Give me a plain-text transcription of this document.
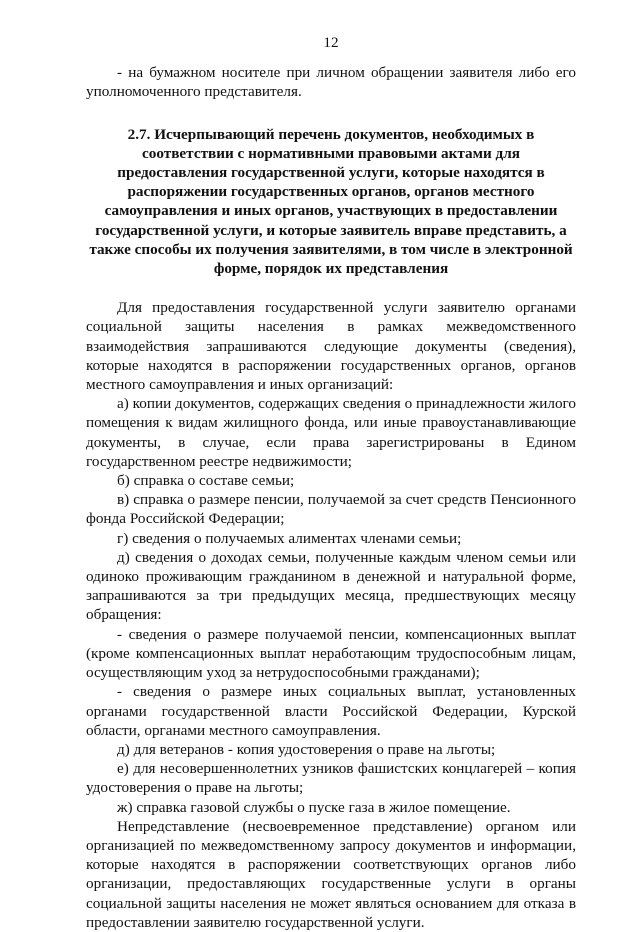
12

- на бумажном носителе при личном обращении заявителя либо его уполномоченного представителя.

2.7. Исчерпывающий перечень документов, необходимых в
соответствии с нормативными правовыми актами для
предоставления государственной услуги, которые находятся в
распоряжении государственных органов, органов местного
самоуправления и иных органов, участвующих в предоставлении
государственной услуги, и которые заявитель вправе представить, а
также способы их получения заявителями, в том числе в электронной
форме, порядок их представления

Для предоставления государственной услуги заявителю органами социальной защиты населения в рамках межведомственного взаимодействия запрашиваются следующие документы (сведения), которые находятся в распоряжении государственных органов, органов местного самоуправления и иных организаций:

а) копии документов, содержащих сведения о принадлежности жилого помещения к видам жилищного фонда, или иные правоустанавливающие документы, в случае, если права зарегистрированы в Едином государственном реестре недвижимости;

б) справка о составе семьи;

в) справка о размере пенсии, получаемой за счет средств Пенсионного фонда Российской Федерации;

г) сведения о получаемых алиментах членами семьи;

д) сведения о доходах семьи, полученные каждым членом семьи или одиноко проживающим гражданином в денежной и натуральной форме, запрашиваются за три предыдущих месяца, предшествующих месяцу обращения:

- сведения о размере получаемой пенсии, компенсационных выплат (кроме компенсационных выплат неработающим трудоспособным лицам, осуществляющим уход за нетрудоспособными гражданами);

- сведения о размере иных социальных выплат, установленных органами государственной власти Российской Федерации, Курской области, органами местного самоуправления.

д) для ветеранов - копия удостоверения о праве на льготы;

е) для несовершеннолетних узников фашистских концлагерей – копия удостоверения о праве на льготы;

ж) справка газовой службы о пуске газа в жилое помещение.

Непредставление (несвоевременное представление) органом или организацией по межведомственному запросу документов и информации, которые находятся в распоряжении соответствующих органов либо организации, предоставляющих государственные услуги в органы социальной защиты населения не может являться основанием для отказа в предоставлении заявителю государственной услуги.
